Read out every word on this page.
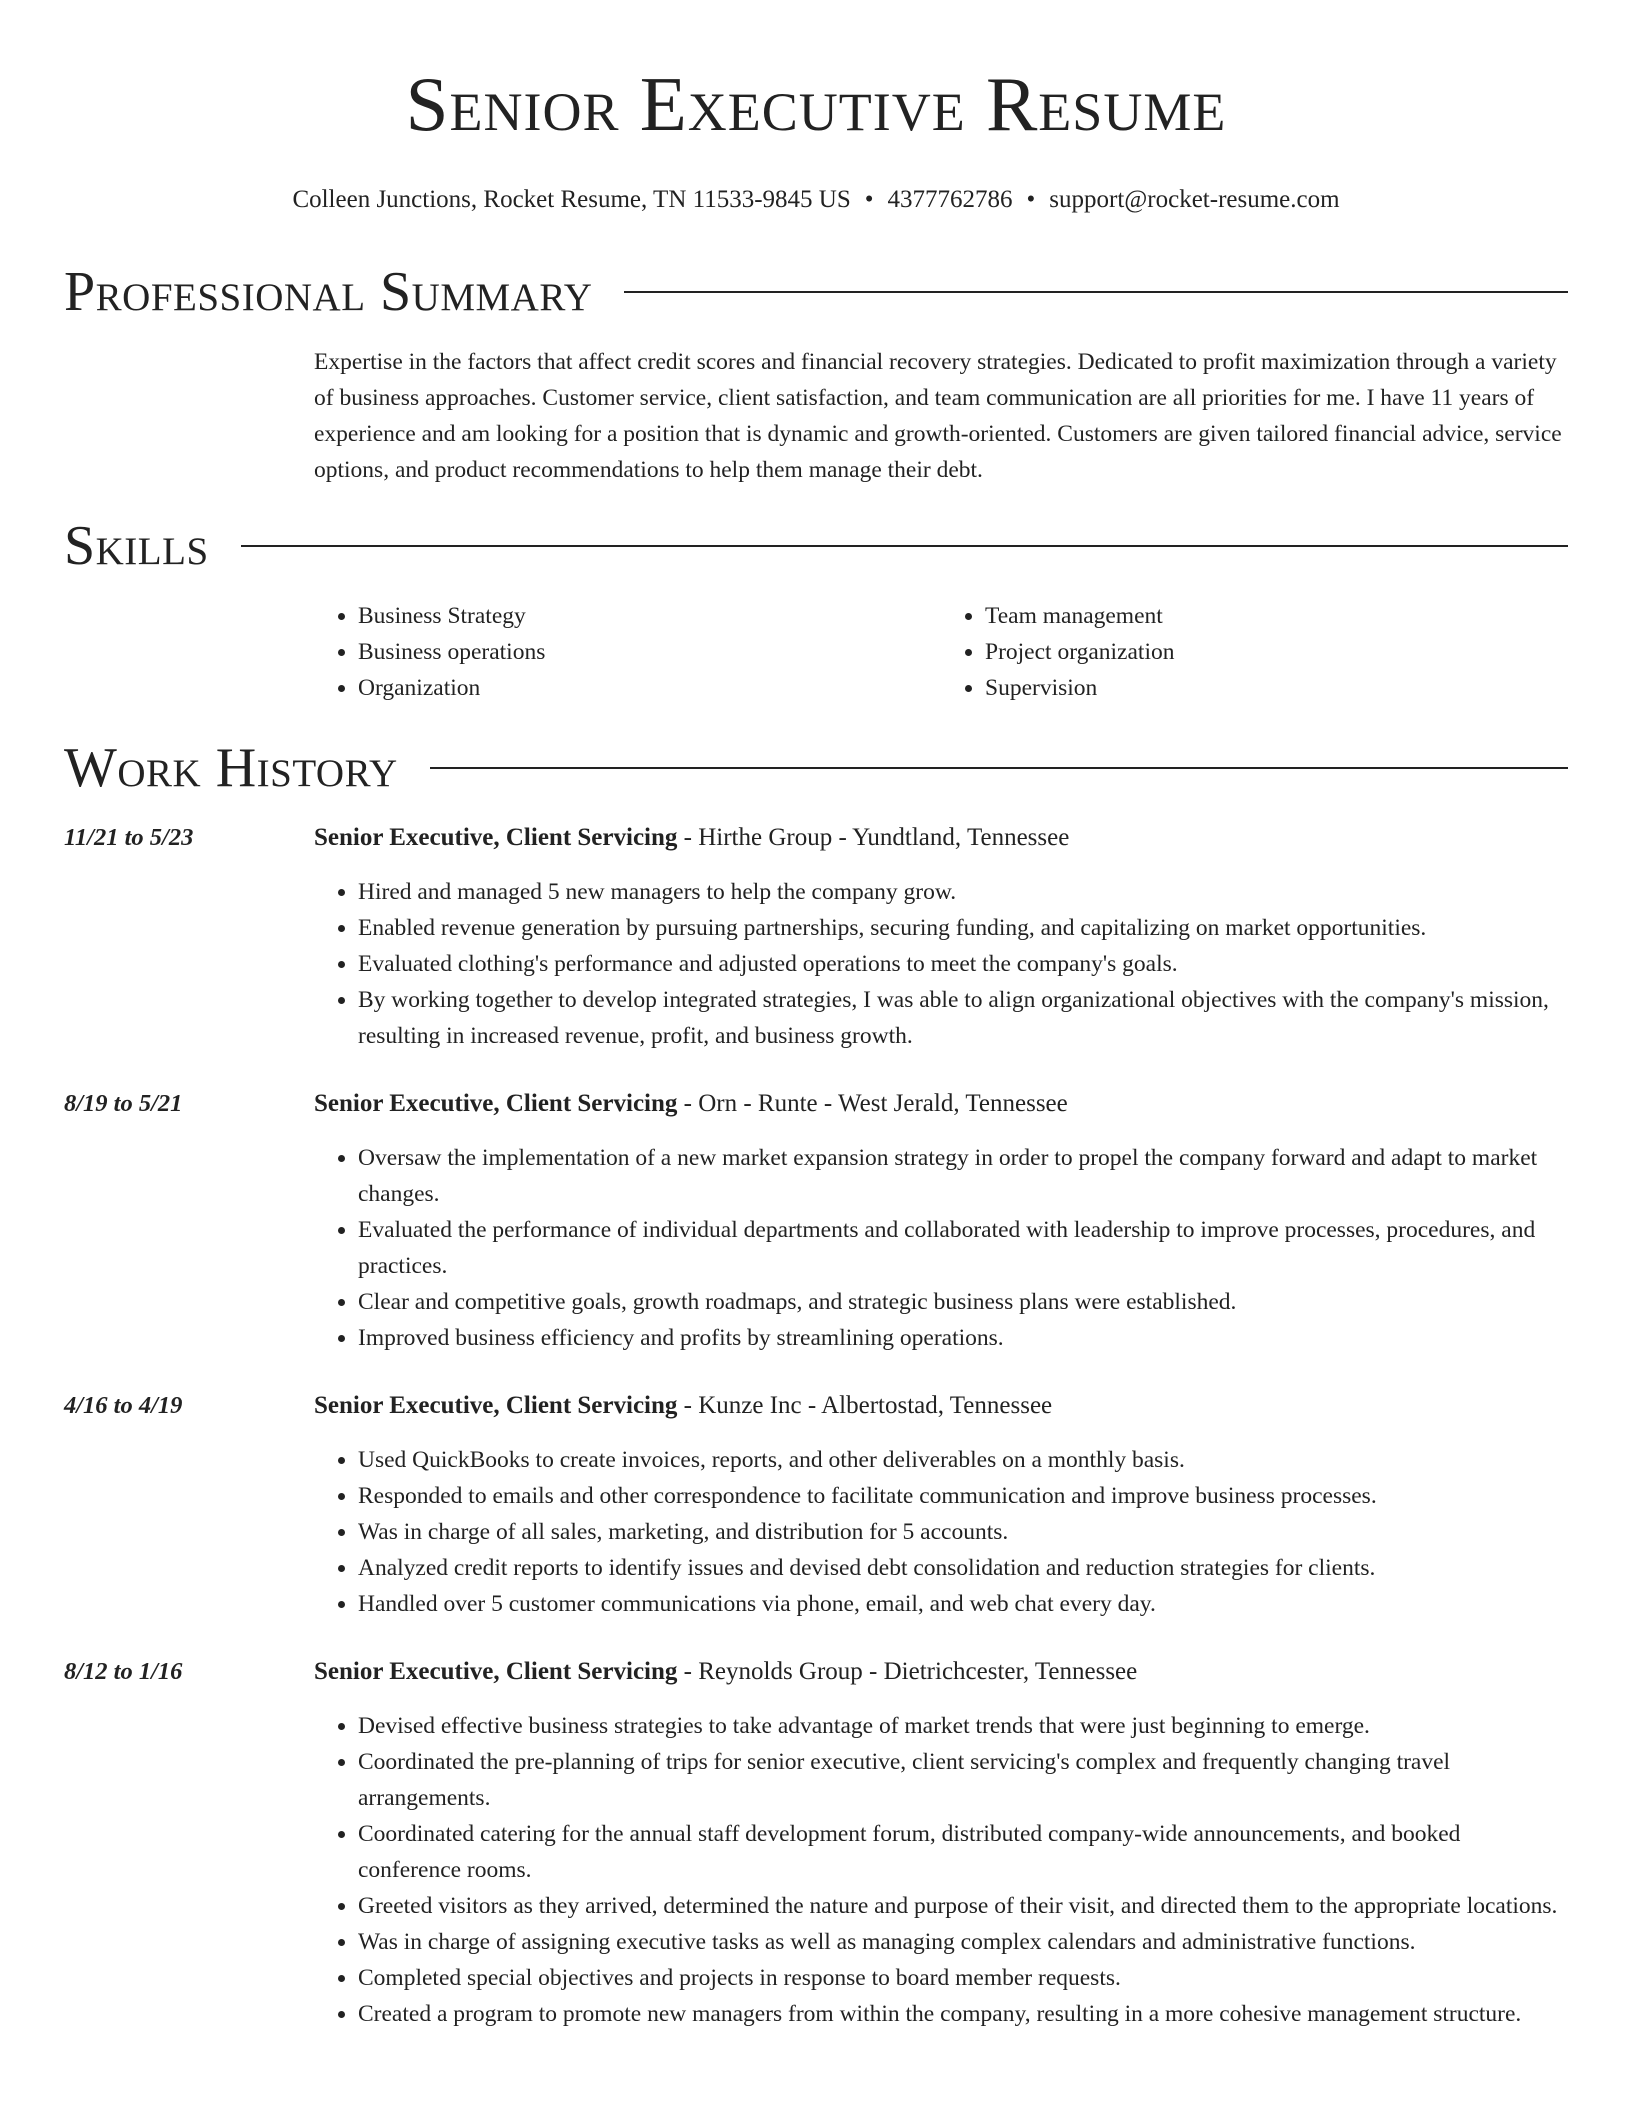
Senior Executive Resume
Colleen Junctions, Rocket Resume, TN 11533-9845 US • 4377762786 • support@rocket-resume.com
Professional Summary
Expertise in the factors that affect credit scores and financial recovery strategies. Dedicated to profit maximization through a variety of business approaches. Customer service, client satisfaction, and team communication are all priorities for me. I have 11 years of experience and am looking for a position that is dynamic and growth-oriented. Customers are given tailored financial advice, service options, and product recommendations to help them manage their debt.
Skills
• Business Strategy
• Business operations
• Organization
• Team management
• Project organization
• Supervision
Work History
11/21 to 5/23	Senior Executive, Client Servicing - Hirthe Group - Yundtland, Tennessee
• Hired and managed 5 new managers to help the company grow.
• Enabled revenue generation by pursuing partnerships, securing funding, and capitalizing on market opportunities.
• Evaluated clothing's performance and adjusted operations to meet the company's goals.
• By working together to develop integrated strategies, I was able to align organizational objectives with the company's mission, resulting in increased revenue, profit, and business growth.
8/19 to 5/21	Senior Executive, Client Servicing - Orn - Runte - West Jerald, Tennessee
• Oversaw the implementation of a new market expansion strategy in order to propel the company forward and adapt to market changes.
• Evaluated the performance of individual departments and collaborated with leadership to improve processes, procedures, and practices.
• Clear and competitive goals, growth roadmaps, and strategic business plans were established.
• Improved business efficiency and profits by streamlining operations.
4/16 to 4/19	Senior Executive, Client Servicing - Kunze Inc - Albertostad, Tennessee
• Used QuickBooks to create invoices, reports, and other deliverables on a monthly basis.
• Responded to emails and other correspondence to facilitate communication and improve business processes.
• Was in charge of all sales, marketing, and distribution for 5 accounts.
• Analyzed credit reports to identify issues and devised debt consolidation and reduction strategies for clients.
• Handled over 5 customer communications via phone, email, and web chat every day.
8/12 to 1/16	Senior Executive, Client Servicing - Reynolds Group - Dietrichcester, Tennessee
• Devised effective business strategies to take advantage of market trends that were just beginning to emerge.
• Coordinated the pre-planning of trips for senior executive, client servicing's complex and frequently changing travel arrangements.
• Coordinated catering for the annual staff development forum, distributed company-wide announcements, and booked conference rooms.
• Greeted visitors as they arrived, determined the nature and purpose of their visit, and directed them to the appropriate locations.
• Was in charge of assigning executive tasks as well as managing complex calendars and administrative functions.
• Completed special objectives and projects in response to board member requests.
• Created a program to promote new managers from within the company, resulting in a more cohesive management structure.
